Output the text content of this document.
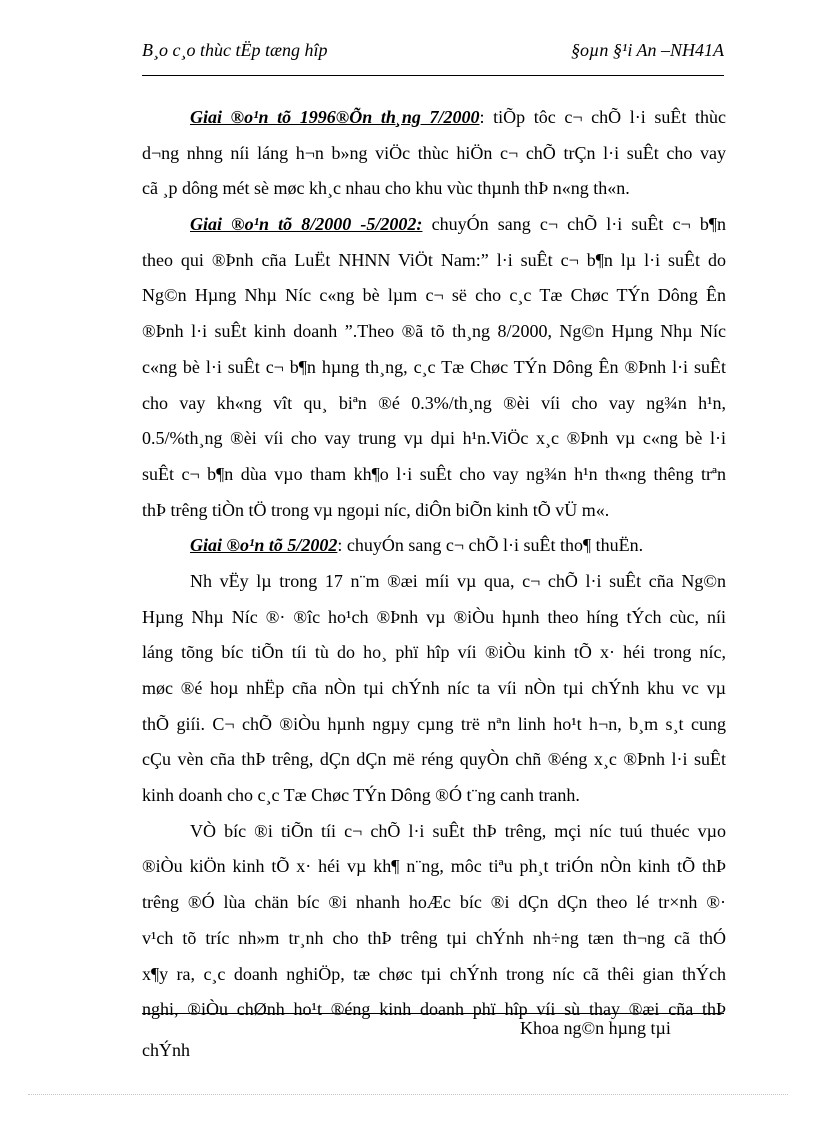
B¸o c¸o thùc tËp tæng hîp	§oµn §¹i An –NH41A
Giai ®o¹n tõ 1996®Õn th¸ng 7/2000: tiÕp tôc c¬ chÕ l·i suÊt thùc
d¬ng nhng níi láng h¬n b»ng viÖc thùc hiÖn c¬ chÕ trÇn l·i suÊt cho vay
cã ¸p dông mét sè møc kh¸c nhau cho khu vùc thµnh thÞ n«ng th«n.
Giai ®o¹n tõ 8/2000 -5/2002: chuyÓn sang c¬ chÕ l·i suÊt c¬ b¶n
theo qui ®Þnh cña LuËt NHNN ViÖt Nam:” l·i suÊt c¬ b¶n lµ l·i suÊt do
Ng©n Hµng Nhµ Níc c«ng bè lµm c¬ së cho c¸c Tæ Chøc TÝn Dông Ên
®Þnh l·i suÊt kinh doanh ”.Theo ®ã tõ th¸ng 8/2000, Ng©n Hµng Nhµ Níc
c«ng bè l·i suÊt c¬ b¶n hµng th¸ng, c¸c Tæ Chøc TÝn Dông Ên ®Þnh l·i suÊt
cho vay kh«ng vît qu¸ biªn ®é 0.3%/th¸ng ®èi víi cho vay ng¾n h¹n,
0.5/%th¸ng ®èi víi cho vay trung vµ dµi h¹n.ViÖc x¸c ®Þnh vµ c«ng bè l·i
suÊt c¬ b¶n dùa vµo tham kh¶o l·i suÊt cho vay ng¾n h¹n th«ng thêng trªn
thÞ trêng tiÒn tÖ trong vµ ngoµi níc, diÔn biÕn kinh tÕ vÜ m«.
Giai ®o¹n tõ 5/2002: chuyÓn sang c¬ chÕ l·i suÊt tho¶ thuËn.
Nh vËy lµ trong 17 n¨m ®æi míi vµ qua, c¬ chÕ l·i suÊt cña Ng©n
Hµng Nhµ Níc ®· ®îc ho¹ch ®Þnh vµ ®iÒu hµnh theo híng tÝch cùc, níi
láng tõng bíc tiÕn tíi tù do ho¸ phï hîp víi ®iÒu kinh tÕ x· héi trong níc,
møc ®é hoµ nhËp cña nÒn tµi chÝnh níc ta víi nÒn tµi chÝnh khu vc vµ
thÕ giíi. C¬ chÕ ®iÒu hµnh ngµy cµng trë nªn linh ho¹t h¬n, b¸m s¸t cung
cÇu vèn cña thÞ trêng, dÇn dÇn më réng quyÒn chñ ®éng x¸c ®Þnh l·i suÊt
kinh doanh cho c¸c Tæ Chøc TÝn Dông ®Ó t¨ng canh tranh.
VÒ bíc ®i tiÕn tíi c¬ chÕ l·i suÊt thÞ trêng, mçi níc tuú thuéc vµo
®iÒu kiÖn kinh tÕ x· héi vµ kh¶ n¨ng, môc tiªu ph¸t triÓn nÒn kinh tÕ thÞ
trêng ®Ó lùa chän bíc ®i nhanh hoÆc bíc ®i dÇn dÇn theo lé tr×nh ®·
v¹ch tõ tríc nh»m tr¸nh cho thÞ trêng tµi chÝnh nh÷ng tæn th¬ng cã thÓ
x¶y ra, c¸c doanh nghiÖp, tæ chøc tµi chÝnh trong níc cã thêi gian thÝch
nghi, ®iÒu chØnh ho¹t ®éng kinh doanh phï hîp víi sù thay ®æi cña thÞ
Khoa ng©n hµng tµi
chÝnh
